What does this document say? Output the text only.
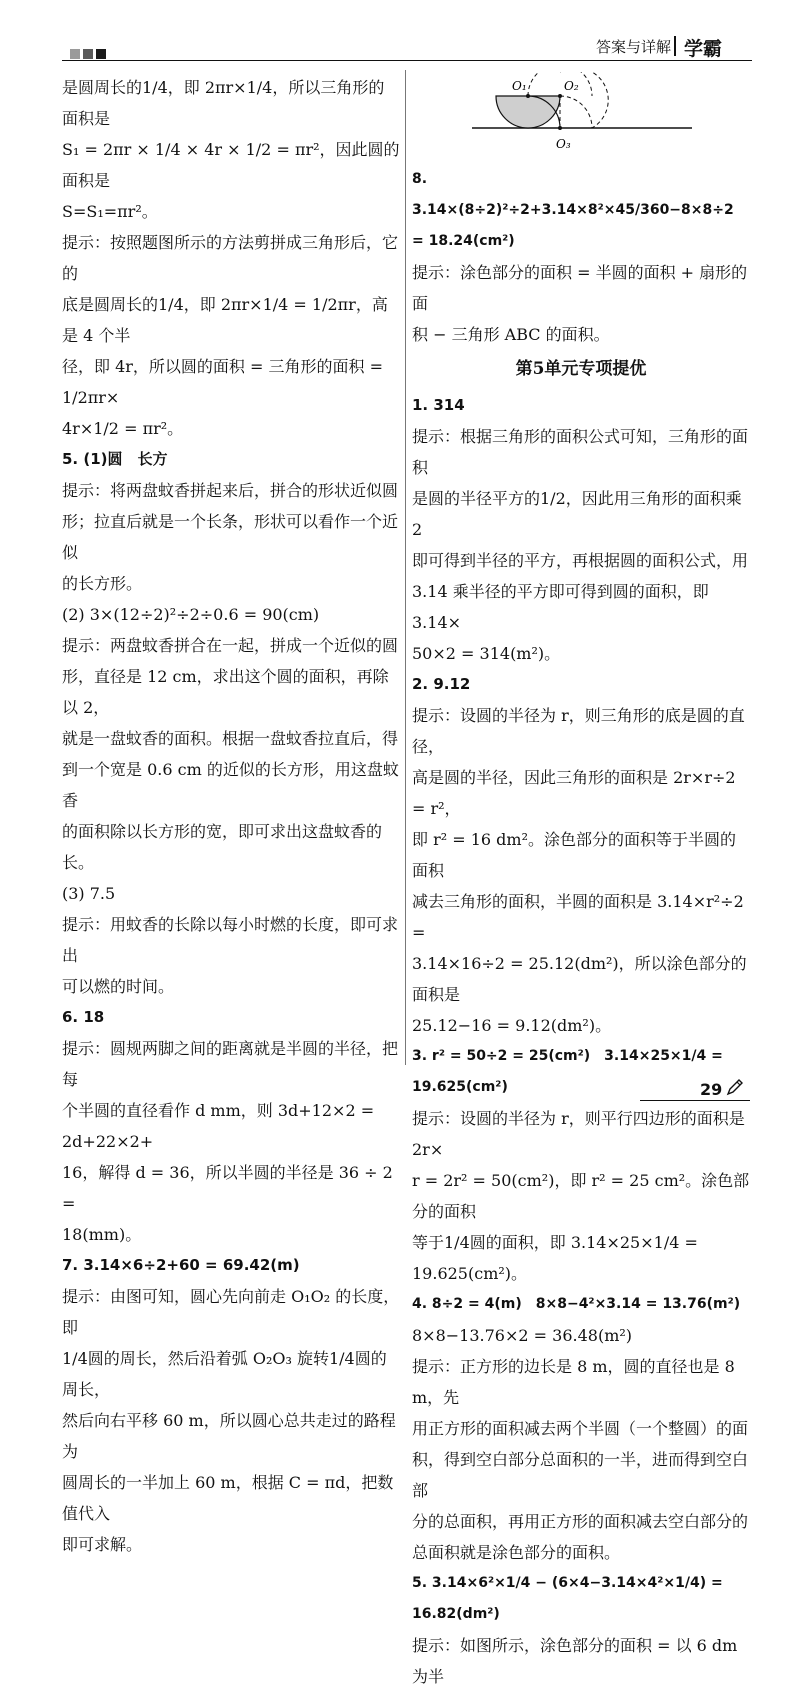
答案与详解 学霸

是圆周长的1/4，即 2πr×1/4，所以三角形的面积是

S₁ = 2πr × 1/4 × 4r × 1/2 = πr²，因此圆的面积是

S=S₁=πr²。

提示：按照题图所示的方法剪拼成三角形后，它的

底是圆周长的1/4，即 2πr×1/4 = 1/2πr，高是 4 个半

径，即 4r，所以圆的面积 = 三角形的面积 = 1/2πr×

4r×1/2 = πr²。

5. (1)圆　长方

提示：将两盘蚊香拼起来后，拼合的形状近似圆

形；拉直后就是一个长条，形状可以看作一个近似

的长方形。

(2) 3×(12÷2)²÷2÷0.6 = 90(cm)

提示：两盘蚊香拼合在一起，拼成一个近似的圆

形，直径是 12 cm，求出这个圆的面积，再除以 2，

就是一盘蚊香的面积。根据一盘蚊香拉直后，得

到一个宽是 0.6 cm 的近似的长方形，用这盘蚊香

的面积除以长方形的宽，即可求出这盘蚊香的长。

(3) 7.5

提示：用蚊香的长除以每小时燃的长度，即可求出

可以燃的时间。

6. 18

提示：圆规两脚之间的距离就是半圆的半径，把每

个半圆的直径看作 d mm，则 3d+12×2 = 2d+22×2+

16，解得 d = 36，所以半圆的半径是 36 ÷ 2 =

18(mm)。

7. 3.14×6÷2+60 = 69.42(m)

提示：由图可知，圆心先向前走 O₁O₂ 的长度，即

1/4圆的周长，然后沿着弧 O₂O₃ 旋转1/4圆的周长，

然后向右平移 60 m，所以圆心总共走过的路程为

圆周长的一半加上 60 m，根据 C = πd，把数值代入

即可求解。

O₁	O₂
O₃

8. 3.14×(8÷2)²÷2+3.14×8²×45/360−8×8÷2 = 18.24(cm²)

提示：涂色部分的面积 = 半圆的面积 + 扇形的面

积 − 三角形 ABC 的面积。

第5单元专项提优

1. 314

提示：根据三角形的面积公式可知，三角形的面积

是圆的半径平方的1/2，因此用三角形的面积乘 2

即可得到半径的平方，再根据圆的面积公式，用

3.14 乘半径的平方即可得到圆的面积，即 3.14×

50×2 = 314(m²)。

2. 9.12

提示：设圆的半径为 r，则三角形的底是圆的直径，

高是圆的半径，因此三角形的面积是 2r×r÷2 = r²，

即 r² = 16 dm²。涂色部分的面积等于半圆的面积

减去三角形的面积，半圆的面积是 3.14×r²÷2 =

3.14×16÷2 = 25.12(dm²)，所以涂色部分的面积是

25.12−16 = 9.12(dm²)。

3. r² = 50÷2 = 25(cm²)　3.14×25×1/4 = 19.625(cm²)

提示：设圆的半径为 r，则平行四边形的面积是 2r×

r = 2r² = 50(cm²)，即 r² = 25 cm²。涂色部分的面积

等于1/4圆的面积，即 3.14×25×1/4 = 19.625(cm²)。

4. 8÷2 = 4(m)　8×8−4²×3.14 = 13.76(m²)

8×8−13.76×2 = 36.48(m²)

提示：正方形的边长是 8 m，圆的直径也是 8 m，先

用正方形的面积减去两个半圆（一个整圆）的面

积，得到空白部分总面积的一半，进而得到空白部

分的总面积，再用正方形的面积减去空白部分的

总面积就是涂色部分的面积。

5. 3.14×6²×1/4 − (6×4−3.14×4²×1/4) = 16.82(dm²)

提示：如图所示，涂色部分的面积 = 以 6 dm 为半

29
